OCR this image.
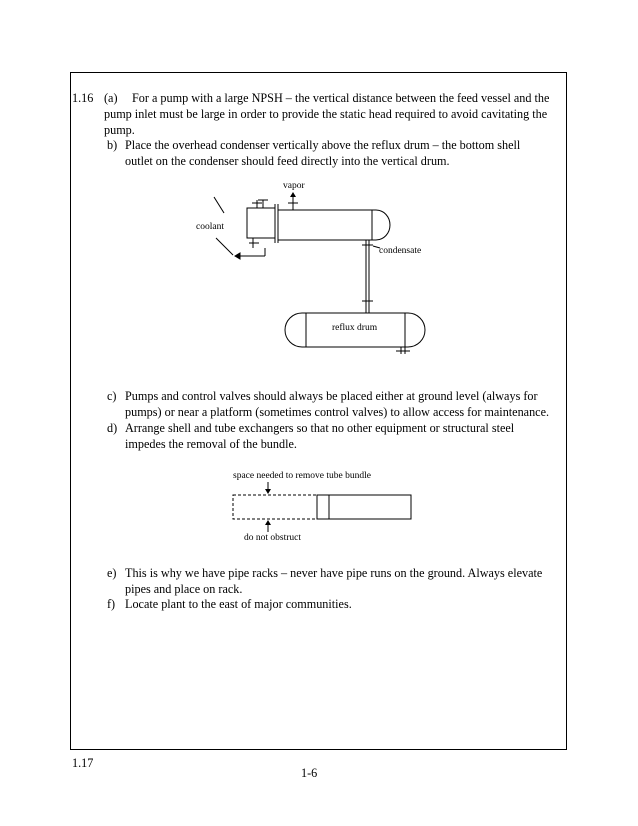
1.16 (a) For a pump with a large NPSH – the vertical distance between the feed vessel and the
pump inlet must be large in order to provide the static head required to avoid cavitating the
pump.
b) Place the overhead condenser vertically above the reflux drum – the bottom shell
outlet on the condenser should feed directly into the vertical drum.
vapor
coolant
condensate
reflux drum
c) Pumps and control valves should always be placed either at ground level (always for
pumps) or near a platform (sometimes control valves) to allow access for maintenance.
d) Arrange shell and tube exchangers so that no other equipment or structural steel
impedes the removal of the bundle.
space needed to remove tube bundle
do not obstruct
e) This is why we have pipe racks – never have pipe runs on the ground. Always elevate
pipes and place on rack.
f) Locate plant to the east of major communities.
1.17
1-6
